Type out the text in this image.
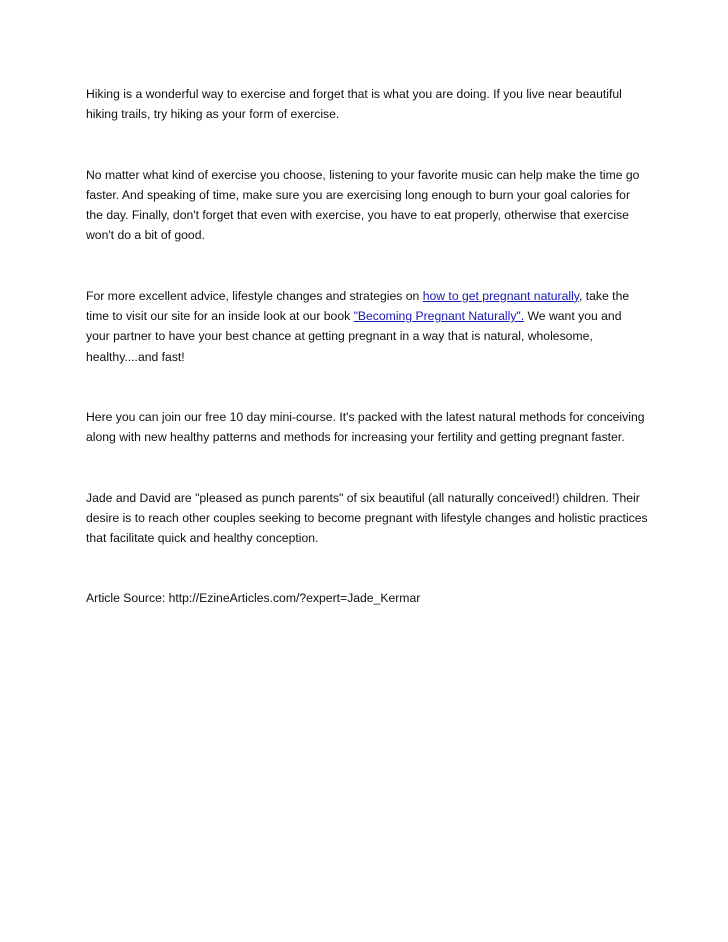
Hiking is a wonderful way to exercise and forget that is what you are doing. If you live near beautiful hiking trails, try hiking as your form of exercise.

No matter what kind of exercise you choose, listening to your favorite music can help make the time go faster. And speaking of time, make sure you are exercising long enough to burn your goal calories for the day. Finally, don't forget that even with exercise, you have to eat properly, otherwise that exercise won't do a bit of good.

For more excellent advice, lifestyle changes and strategies on how to get pregnant naturally, take the time to visit our site for an inside look at our book "Becoming Pregnant Naturally". We want you and your partner to have your best chance at getting pregnant in a way that is natural, wholesome, healthy....and fast!

Here you can join our free 10 day mini-course. It's packed with the latest natural methods for conceiving along with new healthy patterns and methods for increasing your fertility and getting pregnant faster.

Jade and David are "pleased as punch parents" of six beautiful (all naturally conceived!) children. Their desire is to reach other couples seeking to become pregnant with lifestyle changes and holistic practices that facilitate quick and healthy conception.

Article Source: http://EzineArticles.com/?expert=Jade_Kermar
